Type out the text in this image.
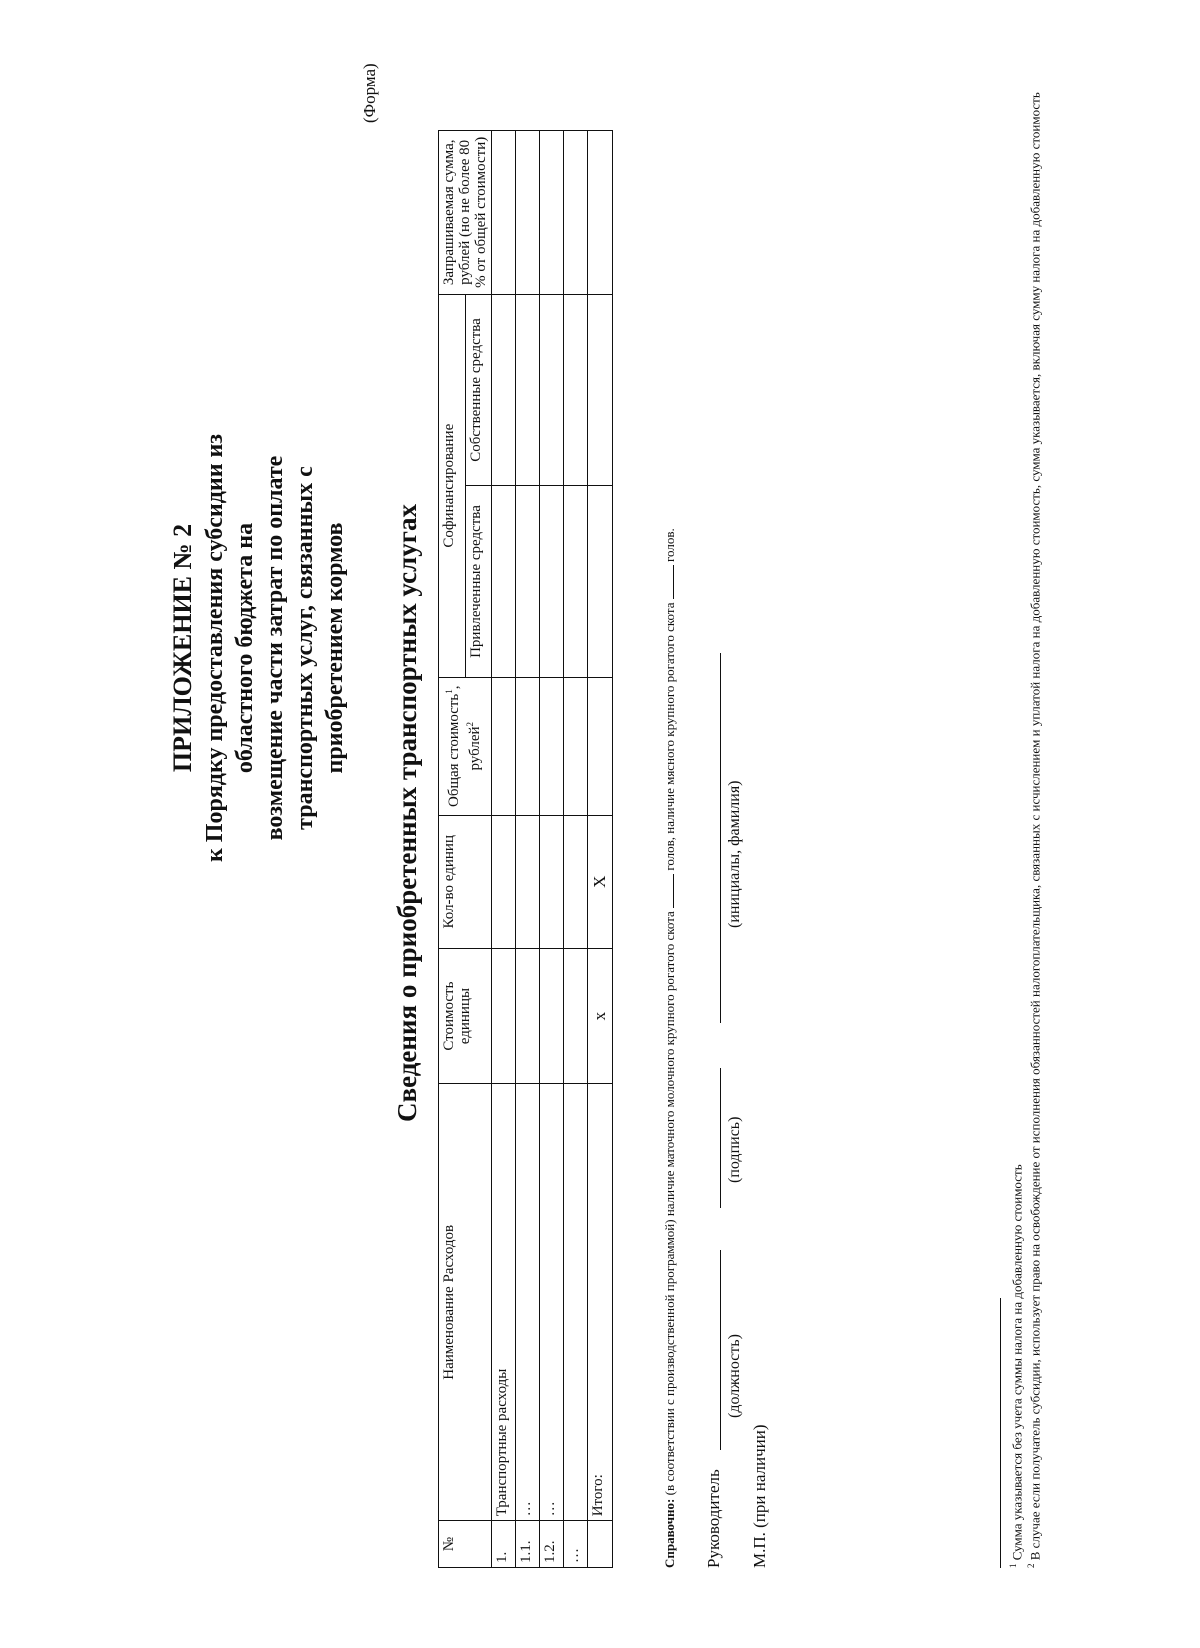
ПРИЛОЖЕНИЕ № 2 к Порядку предоставления субсидии из областного бюджета на возмещение части затрат по оплате транспортных услуг, связанных с приобретением кормов
(Форма)
Сведения о приобретенных транспортных услугах
№	Наименование Расходов	Стоимость единицы	Кол-во единиц	Общая стоимость$^1$, рублей$^2$	Софинансирование		Запрашиваемая сумма, рублей (но не более 80 % от общей стоимости)
					Привлеченные средства	Собственные средства	
1.	Транспортные расходы						
1.1.	…						
1.2.	…						
…							
	Итого:	x	X				
Справочно: (в соответствии с производственной программой) наличие маточного молочного крупного рогатого скота  голов, наличие мясного крупного рогатого скота  голов.
Руководитель
(должность)
(подпись)
(инициалы, фамилия)
М.П. (при наличии)	$^1$ Сумма указывается без учета суммы налога на добавленную стоимость
$^2$ В случае если получатель субсидии, использует право на освобождение от исполнения обязанностей налогоплательщика, связанных с исчислением и уплатой налога на добавленную стоимость, сумма указывается, включая сумму налога на добавленную стоимость
